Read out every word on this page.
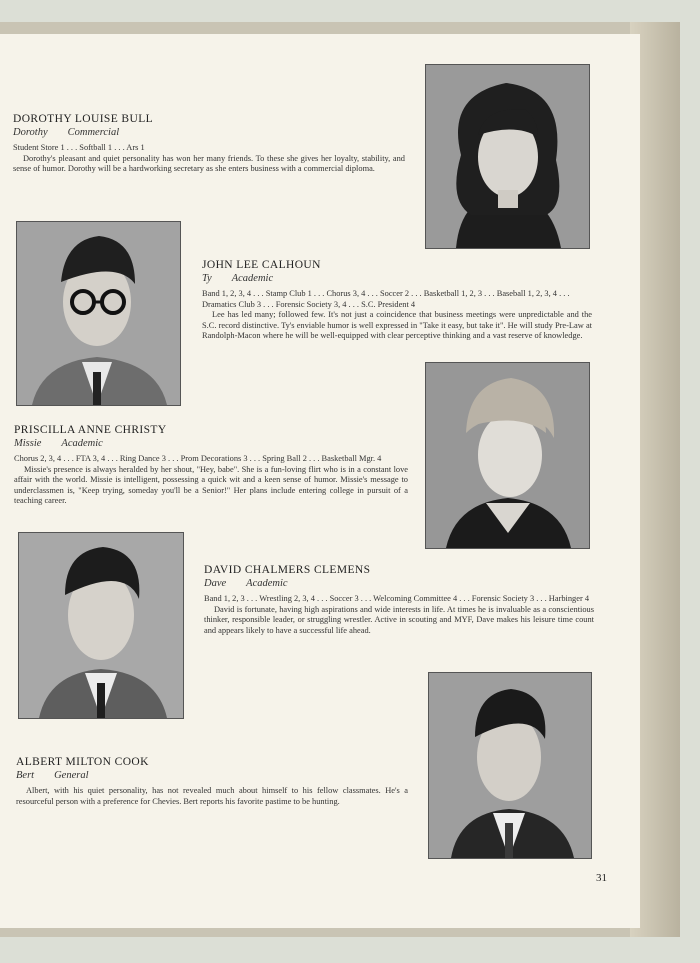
DOROTHY LOUISE BULL
Dorothy Commercial
Student Store 1 . . . Softball 1 . . . Ars 1
Dorothy's pleasant and quiet personality has won her many friends. To these she gives her loyalty, stability, and sense of humor. Dorothy will be a hardworking secretary as she enters business with a commercial diploma.
JOHN LEE CALHOUN
Ty Academic
Band 1, 2, 3, 4 . . . Stamp Club 1 . . . Chorus 3, 4 . . . Soccer 2 . . . Basketball 1, 2, 3 . . . Baseball 1, 2, 3, 4 . . . Dramatics Club 3 . . . Forensic Society 3, 4 . . . S.C. President 4
Lee has led many; followed few. It's not just a coincidence that business meetings were unpredictable and the S.C. record distinctive. Ty's enviable humor is well expressed in "Take it easy, but take it". He will study Pre-Law at Randolph-Macon where he will be well-equipped with clear perceptive thinking and a vast reserve of knowledge.
PRISCILLA ANNE CHRISTY
Missie Academic
Chorus 2, 3, 4 . . . FTA 3, 4 . . . Ring Dance 3 . . . Prom Decorations 3 . . . Spring Ball 2 . . . Basketball Mgr. 4
Missie's presence is always heralded by her shout, "Hey, babe". She is a fun-loving flirt who is in a constant love affair with the world. Missie is intelligent, possessing a quick wit and a keen sense of humor. Missie's message to underclassmen is, "Keep trying, someday you'll be a Senior!" Her plans include entering college in pursuit of a teaching career.
DAVID CHALMERS CLEMENS
Dave Academic
Band 1, 2, 3 . . . Wrestling 2, 3, 4 . . . Soccer 3 . . . Welcoming Committee 4 . . . Forensic Society 3 . . . Harbinger 4
David is fortunate, having high aspirations and wide interests in life. At times he is invaluable as a conscientious thinker, responsible leader, or struggling wrestler. Active in scouting and MYF, Dave makes his leisure time count and appears likely to have a successful life ahead.
ALBERT MILTON COOK
Bert General
Albert, with his quiet personality, has not revealed much about himself to his fellow classmates. He's a resourceful person with a preference for Chevies. Bert reports his favorite pastime to be hunting.
31
